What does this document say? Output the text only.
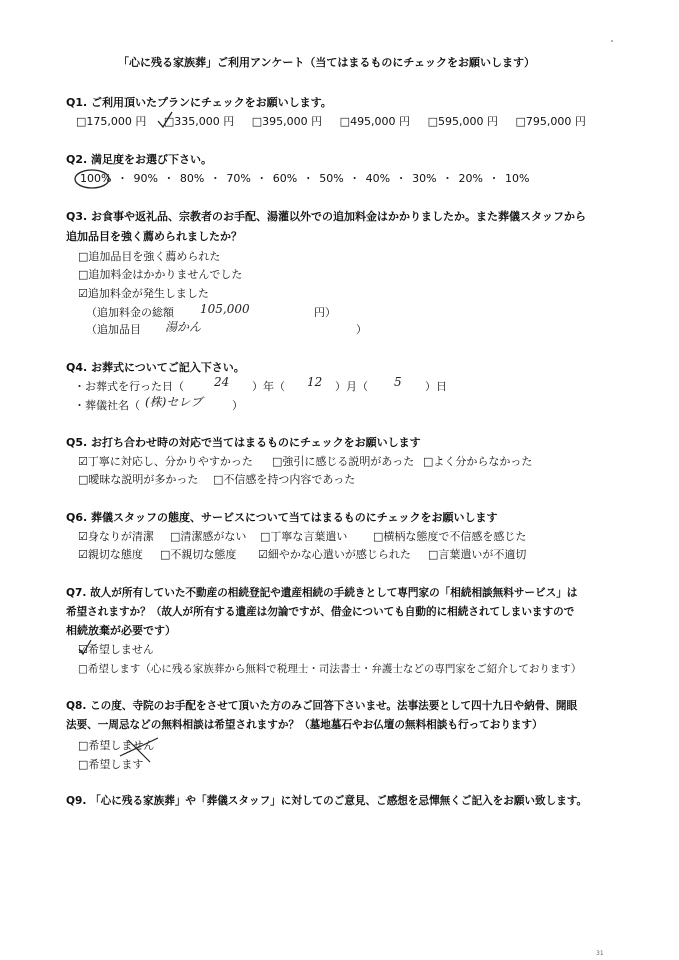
「心に残る家族葬」ご利用アンケート（当てはまるものにチェックをお願いします）
Q1. ご利用頂いたプランにチェックをお願いします。
□175,000 円 □335,000 円 □395,000 円 □495,000 円 □595,000 円 □795,000 円
Q2. 満足度をお選び下さい。
100% ・ 90% ・ 80% ・ 70% ・ 60% ・ 50% ・ 40% ・ 30% ・ 20% ・ 10%
Q3. お食事や返礼品、宗教者のお手配、湯灌以外での追加料金はかかりましたか。また葬儀スタッフから
追加品目を強く薦められましたか？
□追加品目を強く薦められた
□追加料金はかかりませんでした
☑追加料金が発生しました
（追加料金の総額 105,000	円）
（追加品目 湯かん	）
Q4. お葬式についてご記入下さい。
・お葬式を行った日（	24 ）年（ 12 ）月（ 5 ）日
・葬儀社名（ (株)セレブ	）
Q5. お打ち合わせ時の対応で当てはまるものにチェックをお願いします
☑丁寧に対応し、分かりやすかった □強引に感じる説明があった □よく分からなかった
□曖昧な説明が多かった □不信感を持つ内容であった
Q6. 葬儀スタッフの態度、サービスについて当てはまるものにチェックをお願いします
☑身なりが清潔 □清潔感がない □丁寧な言葉遣い □横柄な態度で不信感を感じた
☑親切な態度 □不親切な態度 ☑細やかな心遣いが感じられた □言葉遣いが不適切
Q7. 故人が所有していた不動産の相続登記や遺産相続の手続きとして専門家の「相続相談無料サービス」は
希望されますか？（故人が所有する遺産は勿論ですが、借金についても自動的に相続されてしまいますので
相続放棄が必要です）
☑希望しません
□希望します（心に残る家族葬から無料で税理士・司法書士・弁護士などの専門家をご紹介しております）
Q8. この度、寺院のお手配をさせて頂いた方のみご回答下さいませ。法事法要として四十九日や納骨、開眼
法要、一周忌などの無料相談は希望されますか？（墓地墓石やお仏壇の無料相談も行っております）
□希望しません
□希望します
Q9. 「心に残る家族葬」や「葬儀スタッフ」に対してのご意見、ご感想を忌憚無くご記入をお願い致します。
31
